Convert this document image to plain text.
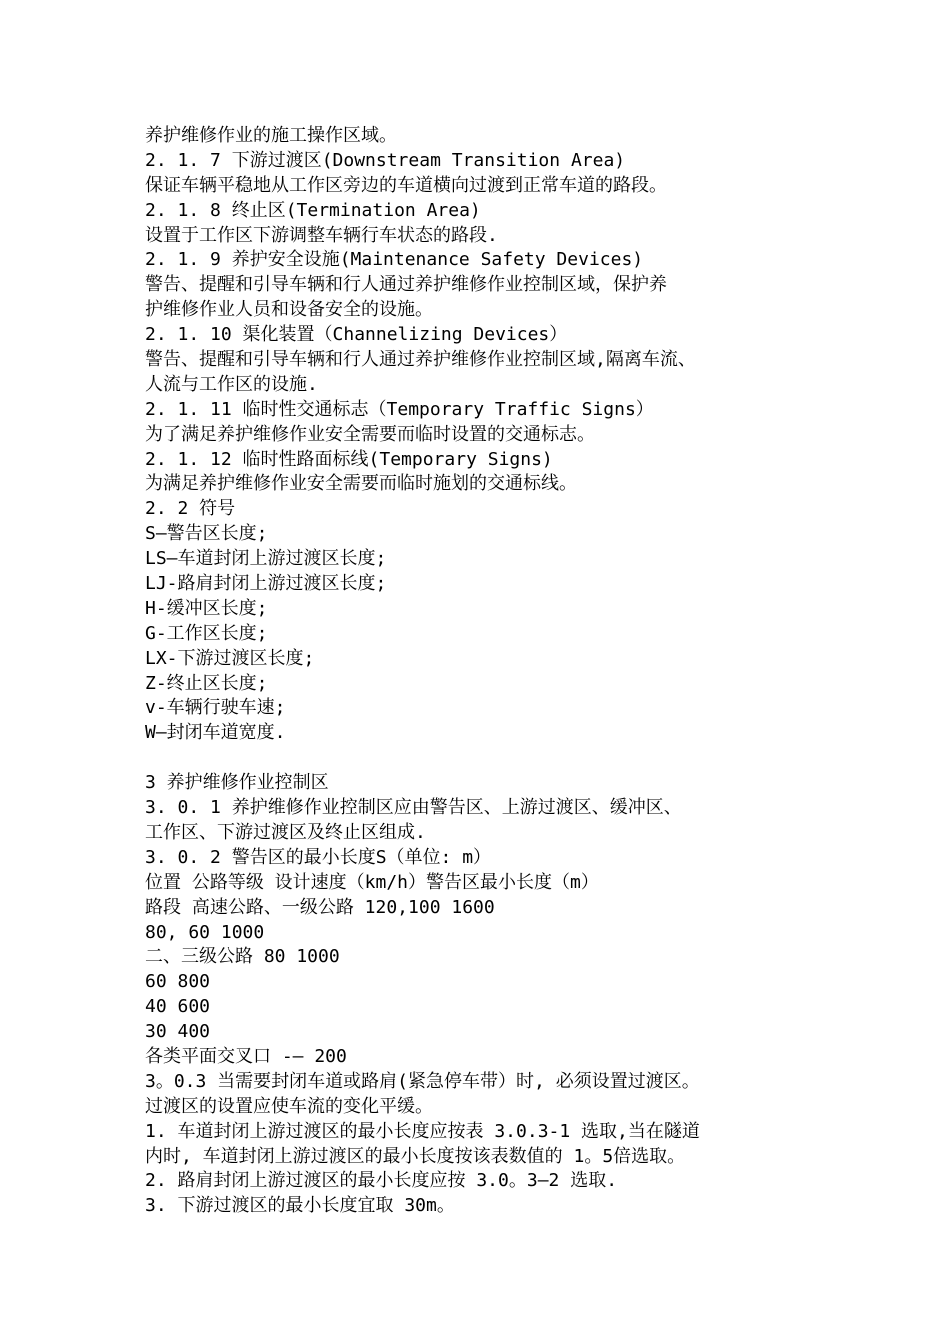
养护维修作业的施工操作区域。
2. 1. 7 下游过渡区(Downstream Transition Area)
保证车辆平稳地从工作区旁边的车道横向过渡到正常车道的路段。
2. 1. 8 终止区(Termination Area)
设置于工作区下游调整车辆行车状态的路段.
2. 1. 9 养护安全设施(Maintenance Safety Devices)
警告、提醒和引导车辆和行人通过养护维修作业控制区域，保护养
护维修作业人员和设备安全的设施。
2. 1. 10 渠化装置（Channelizing Devices）
警告、提醒和引导车辆和行人通过养护维修作业控制区域,隔离车流、
人流与工作区的设施.
2. 1. 11 临时性交通标志（Temporary Traffic Signs）
为了满足养护维修作业安全需要而临时设置的交通标志。
2. 1. 12 临时性路面标线(Temporary Signs)
为满足养护维修作业安全需要而临时施划的交通标线。
2. 2 符号
S—警告区长度;
LS—车道封闭上游过渡区长度;
LJ-路肩封闭上游过渡区长度;
H-缓冲区长度;
G-工作区长度;
LX-下游过渡区长度;
Z-终止区长度;
v-车辆行驶车速;
W—封闭车道宽度.
3 养护维修作业控制区
3. 0. 1 养护维修作业控制区应由警告区、上游过渡区、缓冲区、
工作区、下游过渡区及终止区组成.
3. 0. 2 警告区的最小长度S（单位: m）
位置 公路等级 设计速度（km/h）警告区最小长度（m）
路段 高速公路、一级公路 120,100 1600
80, 60 1000
二、三级公路 80 1000
60 800
40 600
30 400
各类平面交叉口 -— 200
3。0.3 当需要封闭车道或路肩(紧急停车带）时, 必须设置过渡区。
过渡区的设置应使车流的变化平缓。
1. 车道封闭上游过渡区的最小长度应按表 3.0.3-1 选取,当在隧道
内时, 车道封闭上游过渡区的最小长度按该表数值的 1。5倍选取。
2. 路肩封闭上游过渡区的最小长度应按 3.0。3—2 选取.
3. 下游过渡区的最小长度宜取 30m。
